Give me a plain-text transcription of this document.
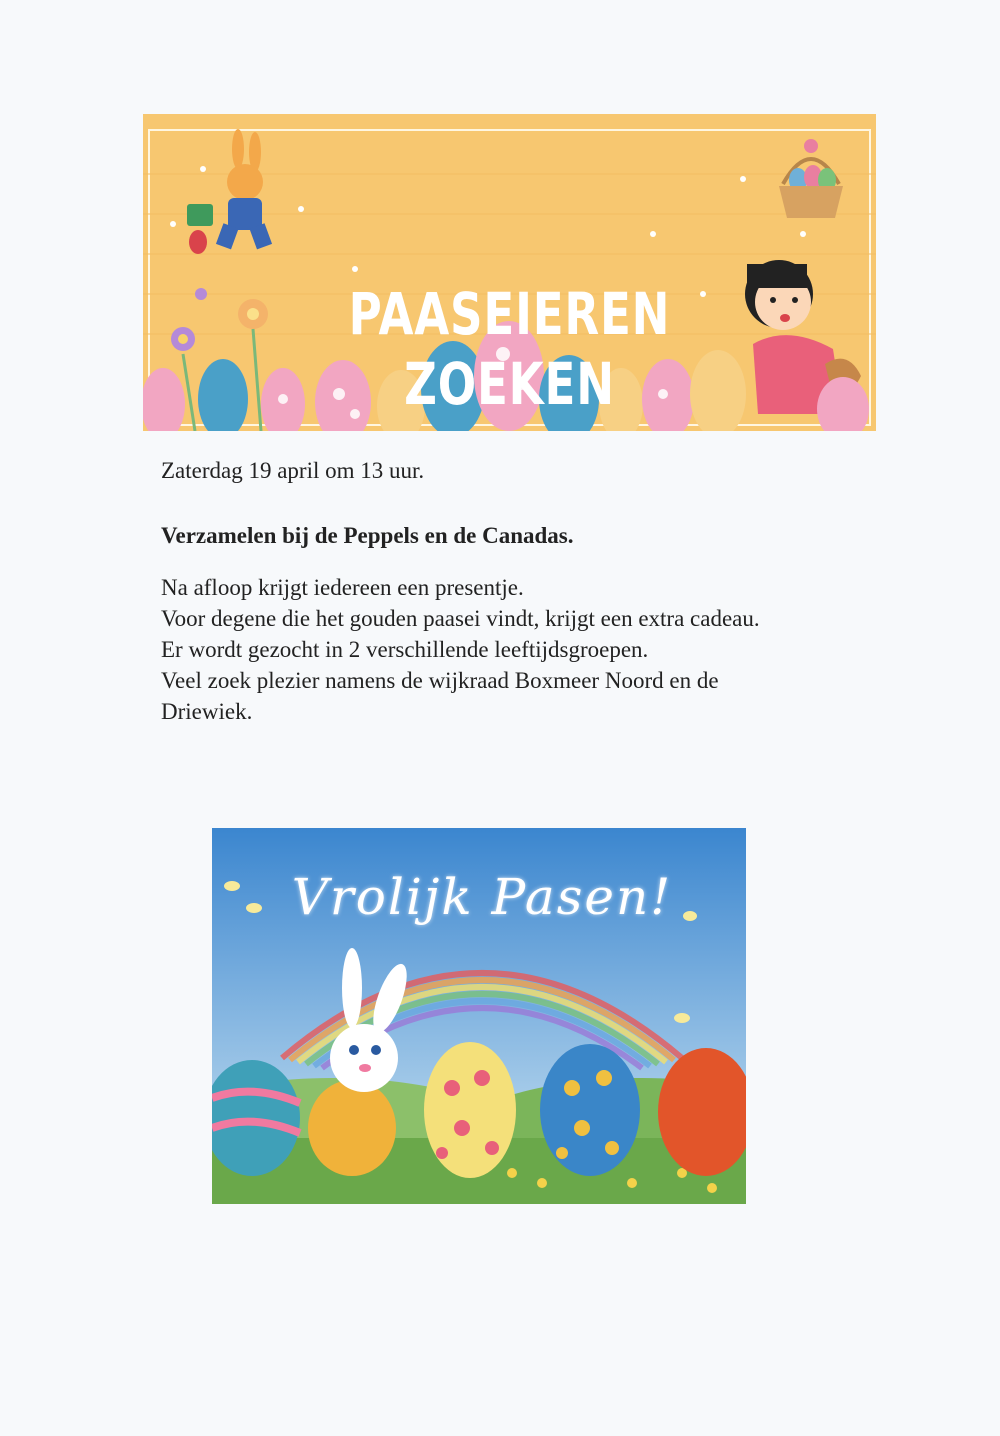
PAASEIEREN
ZOEKEN
Zaterdag 19 april om 13 uur.
Verzamelen bij de Peppels en de Canadas.
Na afloop krijgt iedereen een presentje.
Voor degene die het gouden paasei vindt, krijgt een extra cadeau.
Er wordt gezocht in 2 verschillende leeftijdsgroepen.
Veel zoek plezier namens de wijkraad Boxmeer Noord en de
Driewiek.
Vrolijk Pasen!
